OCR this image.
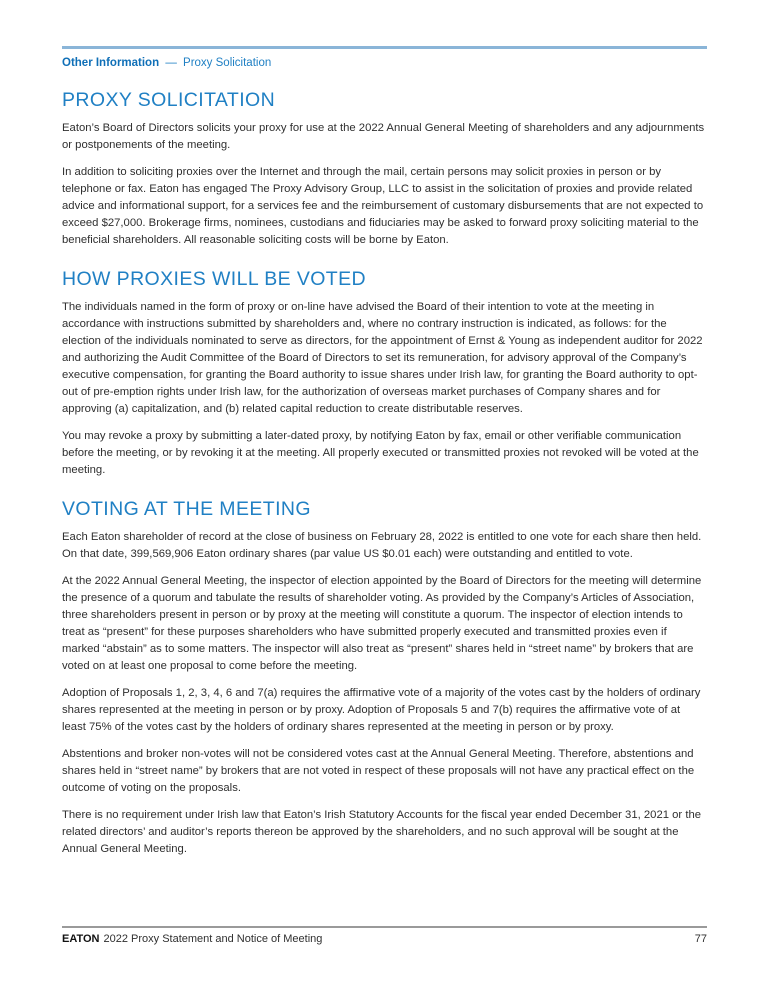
Other Information — Proxy Solicitation
PROXY SOLICITATION

Eaton’s Board of Directors solicits your proxy for use at the 2022 Annual General Meeting of shareholders and any adjournments or postponements of the meeting.

In addition to soliciting proxies over the Internet and through the mail, certain persons may solicit proxies in person or by telephone or fax. Eaton has engaged The Proxy Advisory Group, LLC to assist in the solicitation of proxies and provide related advice and informational support, for a services fee and the reimbursement of customary disbursements that are not expected to exceed $27,000. Brokerage firms, nominees, custodians and fiduciaries may be asked to forward proxy soliciting material to the beneficial shareholders. All reasonable soliciting costs will be borne by Eaton.

HOW PROXIES WILL BE VOTED

The individuals named in the form of proxy or on-line have advised the Board of their intention to vote at the meeting in accordance with instructions submitted by shareholders and, where no contrary instruction is indicated, as follows: for the election of the individuals nominated to serve as directors, for the appointment of Ernst & Young as independent auditor for 2022 and authorizing the Audit Committee of the Board of Directors to set its remuneration, for advisory approval of the Company’s executive compensation, for granting the Board authority to issue shares under Irish law, for granting the Board authority to opt-out of pre-emption rights under Irish law, for the authorization of overseas market purchases of Company shares and for approving (a) capitalization, and (b) related capital reduction to create distributable reserves.

You may revoke a proxy by submitting a later-dated proxy, by notifying Eaton by fax, email or other verifiable communication before the meeting, or by revoking it at the meeting. All properly executed or transmitted proxies not revoked will be voted at the meeting.

VOTING AT THE MEETING

Each Eaton shareholder of record at the close of business on February 28, 2022 is entitled to one vote for each share then held. On that date, 399,569,906 Eaton ordinary shares (par value US $0.01 each) were outstanding and entitled to vote.

At the 2022 Annual General Meeting, the inspector of election appointed by the Board of Directors for the meeting will determine the presence of a quorum and tabulate the results of shareholder voting. As provided by the Company’s Articles of Association, three shareholders present in person or by proxy at the meeting will constitute a quorum. The inspector of election intends to treat as “present” for these purposes shareholders who have submitted properly executed and transmitted proxies even if marked “abstain” as to some matters. The inspector will also treat as “present” shares held in “street name” by brokers that are voted on at least one proposal to come before the meeting.

Adoption of Proposals 1, 2, 3, 4, 6 and 7(a) requires the affirmative vote of a majority of the votes cast by the holders of ordinary shares represented at the meeting in person or by proxy. Adoption of Proposals 5 and 7(b) requires the affirmative vote of at least 75% of the votes cast by the holders of ordinary shares represented at the meeting in person or by proxy.

Abstentions and broker non-votes will not be considered votes cast at the Annual General Meeting. Therefore, abstentions and shares held in “street name” by brokers that are not voted in respect of these proposals will not have any practical effect on the outcome of voting on the proposals.

There is no requirement under Irish law that Eaton’s Irish Statutory Accounts for the fiscal year ended December 31, 2021 or the related directors’ and auditor’s reports thereon be approved by the shareholders, and no such approval will be sought at the Annual General Meeting.

EATON 2022 Proxy Statement and Notice of Meeting	77
